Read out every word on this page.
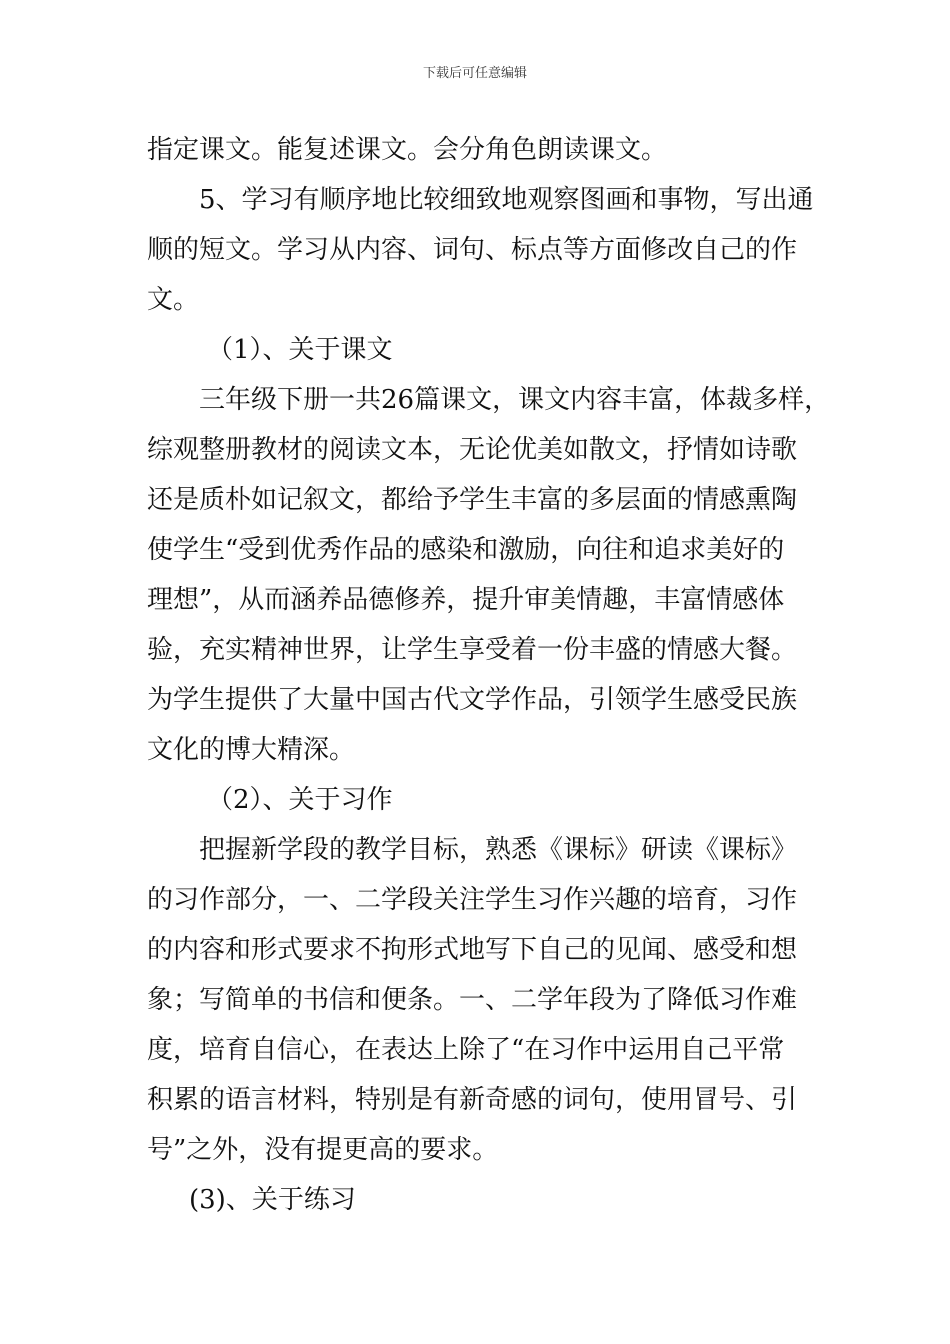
下载后可任意编辑
指定课文。能复述课文。会分角色朗读课文。
5、学习有顺序地比较细致地观察图画和事物，写出通
顺的短文。学习从内容、词句、标点等方面修改自己的作
文。
（1）、关于课文
三年级下册一共26篇课文，课文内容丰富，体裁多样，
综观整册教材的阅读文本，无论优美如散文，抒情如诗歌
还是质朴如记叙文，都给予学生丰富的多层面的情感熏陶
使学生“受到优秀作品的感染和激励，向往和追求美好的
理想”，从而涵养品德修养，提升审美情趣，丰富情感体
验，充实精神世界，让学生享受着一份丰盛的情感大餐。
为学生提供了大量中国古代文学作品，引领学生感受民族
文化的博大精深。
（2）、关于习作
把握新学段的教学目标，熟悉《课标》研读《课标》
的习作部分，一、二学段关注学生习作兴趣的培育，习作
的内容和形式要求不拘形式地写下自己的见闻、感受和想
象；写简单的书信和便条。一、二学年段为了降低习作难
度，培育自信心，在表达上除了“在习作中运用自己平常
积累的语言材料，特别是有新奇感的词句，使用冒号、引
号”之外，没有提更高的要求。
(3)、关于练习
